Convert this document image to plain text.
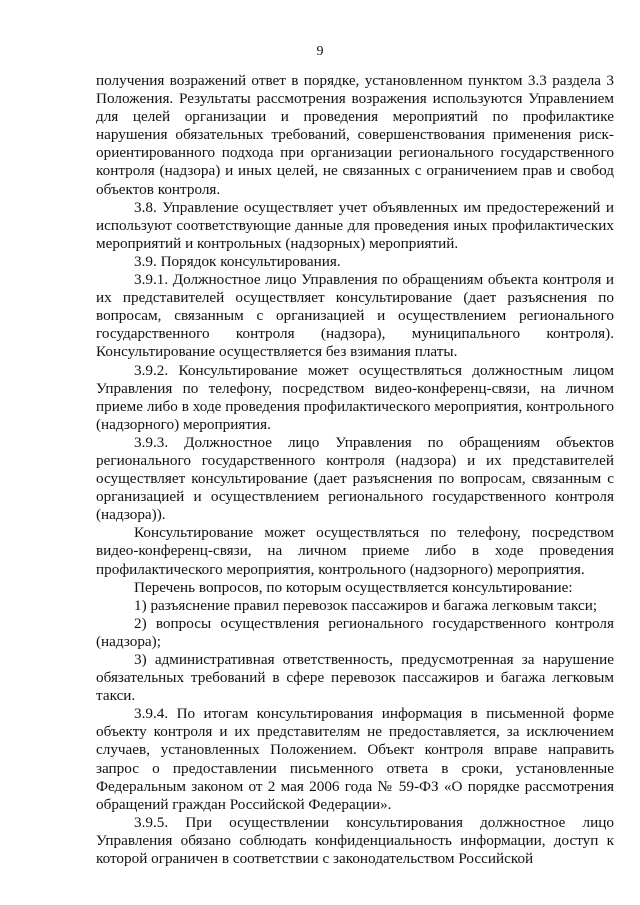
9

получения возражений ответ в порядке, установленном пунктом 3.3 раздела 3 Положения. Результаты рассмотрения возражения используются Управлением для целей организации и проведения мероприятий по профилактике нарушения обязательных требований, совершенствования применения риск-ориентированного подхода при организации регионального государственного контроля (надзора) и иных целей, не связанных с ограничением прав и свобод объектов контроля.

3.8. Управление осуществляет учет объявленных им предостережений и используют соответствующие данные для проведения иных профилактических мероприятий и контрольных (надзорных) мероприятий.

3.9. Порядок консультирования.

3.9.1. Должностное лицо Управления по обращениям объекта контроля и их представителей осуществляет консультирование (дает разъяснения по вопросам, связанным с организацией и осуществлением регионального государственного контроля (надзора), муниципального контроля). Консультирование осуществляется без взимания платы.

3.9.2. Консультирование может осуществляться должностным лицом Управления по телефону, посредством видео-конференц-связи, на личном приеме либо в ходе проведения профилактического мероприятия, контрольного (надзорного) мероприятия.

3.9.3. Должностное лицо Управления по обращениям объектов регионального государственного контроля (надзора) и их представителей осуществляет консультирование (дает разъяснения по вопросам, связанным с организацией и осуществлением регионального государственного контроля (надзора)).

Консультирование может осуществляться по телефону, посредством видео-конференц-связи, на личном приеме либо в ходе проведения профилактического мероприятия, контрольного (надзорного) мероприятия.

Перечень вопросов, по которым осуществляется консультирование:

1) разъяснение правил перевозок пассажиров и багажа легковым такси;

2) вопросы осуществления регионального государственного контроля (надзора);

3) административная ответственность, предусмотренная за нарушение обязательных требований в сфере перевозок пассажиров и багажа легковым такси.

3.9.4. По итогам консультирования информация в письменной форме объекту контроля и их представителям не предоставляется, за исключением случаев, установленных Положением. Объект контроля вправе направить запрос о предоставлении письменного ответа в сроки, установленные Федеральным законом от 2 мая 2006 года № 59-ФЗ «О порядке рассмотрения обращений граждан Российской Федерации».

3.9.5. При осуществлении консультирования должностное лицо Управления обязано соблюдать конфиденциальность информации, доступ к которой ограничен в соответствии с законодательством Российской
